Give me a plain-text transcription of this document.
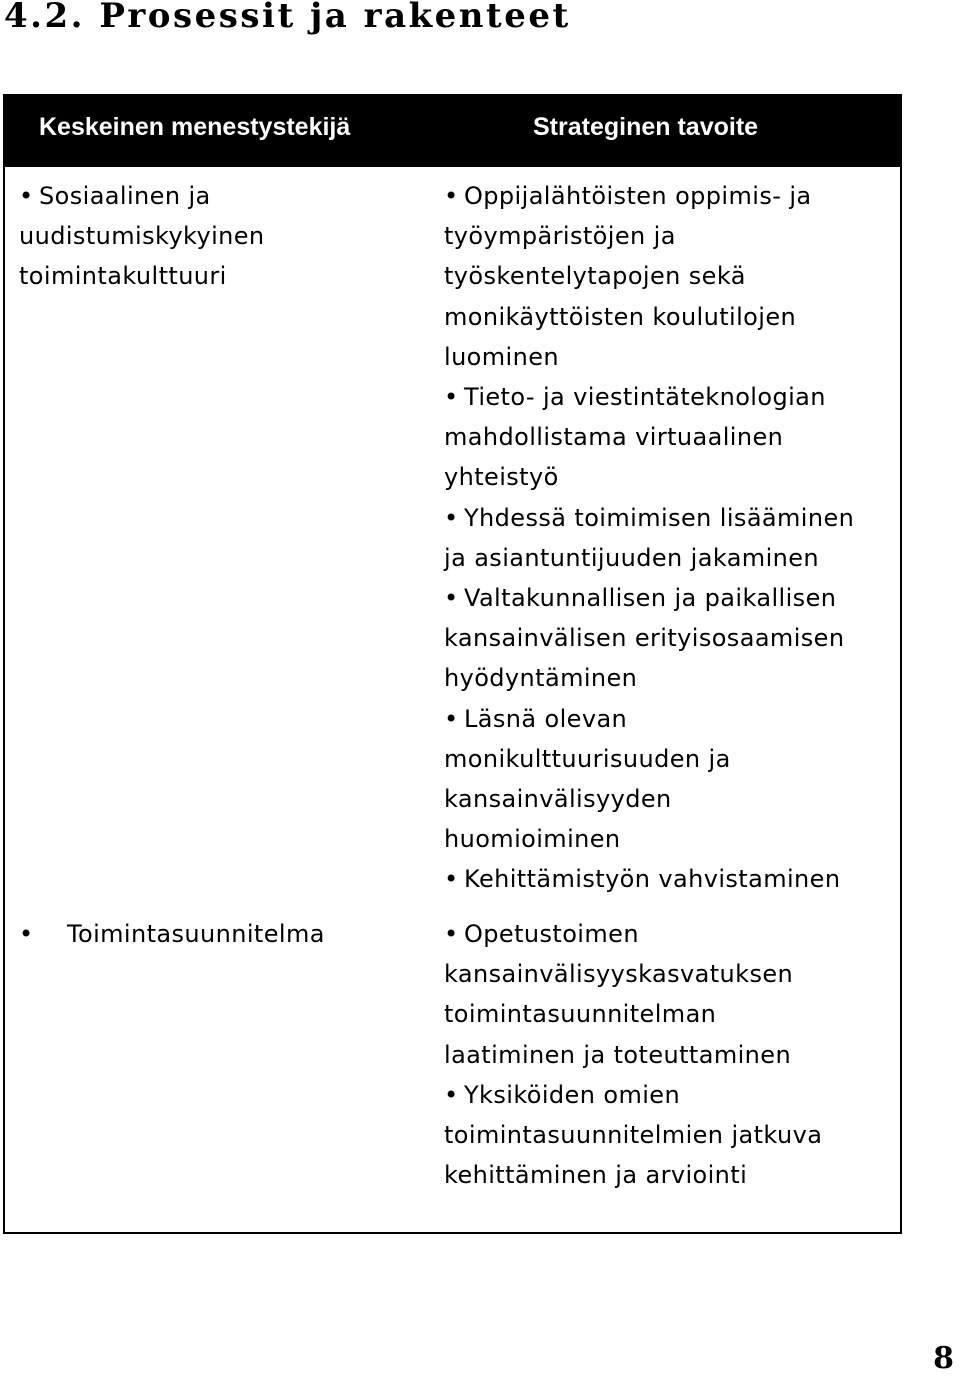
4.2. Prosessit ja rakenteet
Keskeinen menestystekijä	Strateginen tavoite
• Sosiaalinen ja
uudistumiskykyinen
toimintakulttuuri
• Oppijalähtöisten oppimis- ja
työympäristöjen ja
työskentelytapojen sekä
monikäyttöisten koulutilojen
luominen
• Tieto- ja viestintäteknologian
mahdollistama virtuaalinen
yhteistyö
• Yhdessä toimimisen lisääminen
ja asiantuntijuuden jakaminen
• Valtakunnallisen ja paikallisen
kansainvälisen erityisosaamisen
hyödyntäminen
• Läsnä olevan
monikulttuurisuuden ja
kansainvälisyyden
huomioiminen
• Kehittämistyön vahvistaminen
• Toimintasuunnitelma	• Opetustoimen
kansainvälisyyskasvatuksen
toimintasuunnitelman
laatiminen ja toteuttaminen
• Yksiköiden omien
toimintasuunnitelmien jatkuva
kehittäminen ja arviointi
8
